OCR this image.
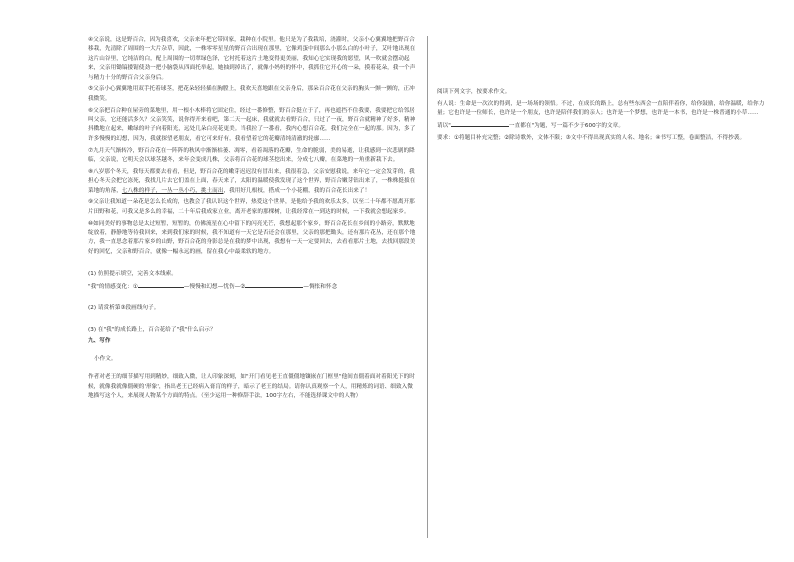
④父亲说，这是野百合，因为我喜欢，父亲来年把它带回家，栽种在小院里。他只是为了我栽培，浇灌时，父亲小心翼翼地把野百合移栽，先清除了周围的一大片杂草，因此，一株零零星星的野百合出现在那里，它像鸡蛋中间那么小那么白的小叶子，艾叶地出现在这片山谷里，它纯洁的白，配上周围的一切翠绿色泽，它衬托着这片土地变得更美丽，我知心它实现我的愿望，风一吹就会摆动起来，父亲用锄镐搂锯使劲一把小脑袋从四面托举起，她抽到掉出了，就像小妈妈的怀中，我抓住它开心的一朵，摸着花朵，我一个声与精力十分的野百合父亲身后。

⑤父亲小心翼翼地用双手托着球茎，把花朵轻轻插在胸膛上，我欢天喜地跟在父亲身后，那朵百合花在父亲的胸头一颤一颤的，正冲我微笑。

⑥父亲把百合种在屋旁的菜地里，用一根小木棒将它固定住，经过一番修整，野百合挺立于了，再也遮挡不住我要，我要把它给邻居叫父亲，它还能活多久？父亲笑笑，说你得开来看吧，第二天一起床，我就就去看野百合，只过了一夜，野百合就精神了好多，精神抖擞地立起来，嫩绿的叶子向着阳光，远处几朵白亮花更美。当我拉了一番看，我内心想百合花，我们完全在一起的那。因为，多了许多慢慢的幻想，因为，我就探望老朋友，看它可来好有，我看望着它的花瓣清纯清澈的轮廓……

⑦九月天气渐转冷，野百合花在一阵阵的秋风中渐渐枯萎、凋零，看着凋落的花瓣，生命的脆弱，美的易逝，让我感到一次悲剧的降临，父亲说，它明天会以球茎越冬，来年会变成几株，父亲将百合花的球茎挖出来，分成七八瓣，在菜地的一角重新栽下去。

⑧八岁那个冬天，我每天都要去看看，但是，野百合花的嫩芽迟迟没有冒出来，我很着急，父亲安慰我说，来年它一定会发芽的，我担心冬天会把它冻死，我找几片去它们盖在上面，春天来了，太阳的温暖使我发现了这个世界，野百合嫩芽钻出来了，一株株挺拔在菜地的角落，七八株的样子，一丛一丛小巧，挑土而出，我用好几根枝，搭成一个小花棚，我的百合花长出来了！

⑨父亲让我知道一朵花是怎么长成的，也教会了我认识这个世界，热爱这个世界，是他给予我的欢乐太多，以至二十年都不愿离开那片田野和花，可我又是多么的幸福，二十年后我成家立业，离开老家的那棵树，让我经常在一到达的时候，一下我就会想起家乡。

⑩如同美好的事物总是太过短暂，短暂的，仿佛流星在心中留下的闪亮光芒，我想起那个家乡，野百合花长在乡间的小路旁，默默地绽放着，静静地等待我回来，来到我们家的时候，我不知道有一天它是否还会在那里，父亲的那把锄头，还有那片花丛，还在那个地方，我一直思念着那片家乡的山野，野百合花的身影总是在我的梦中出现，我想有一天一定要回去，去看看那片土地，去找回那段美好的回忆，父亲和野百合，就像一幅永远的画，留在我心中最柔软的地方。

(1) 仿照提示填空，完善文本线索。

"我"的情感变化：①	—慢慢和幻想—忧伤—②	—惆怅和怀念

(2) 请赏析第③段画线句子。

(3) 在"我"的成长路上，百合花给了"我"什么启示？

九、写作

小作文。

作者对老王的细节描写用到精妙，细致入微，让人印象深刻，如"开门看见老王直僵僵地镶嵌在门框里"他间直僵着面对着阳光下的时候，就像我就像僵硬的'形象'，指出老王已经病入膏肓的样子，暗示了老王的结局。请你认真观察一个人，用精炼的词语、细致入微地描写这个人，来展现人物某个方面的特点。（至少运用一种修辞手法，100字左右，不能选择课文中的人物）

阅读下列文字，按要求作文。

有人说：生命是一次次的得到，是一场场的领悟。不过，在成长的路上，总有些东西会一直陪伴着你，给你鼓励，给你温暖，给你力量；它也许是一位师长，也许是一个朋友，也许是陪伴我们的亲人；也许是一个梦想，也许是一本书，也许是一株普通的小草……

请以"	一直都在"为题，写一篇不少于600字的文章。

要求：①将题目补充完整；②除诗歌外，文体不限；③文中不得出现真实的人名、地名；④书写工整，卷面整洁，不得抄袭。
